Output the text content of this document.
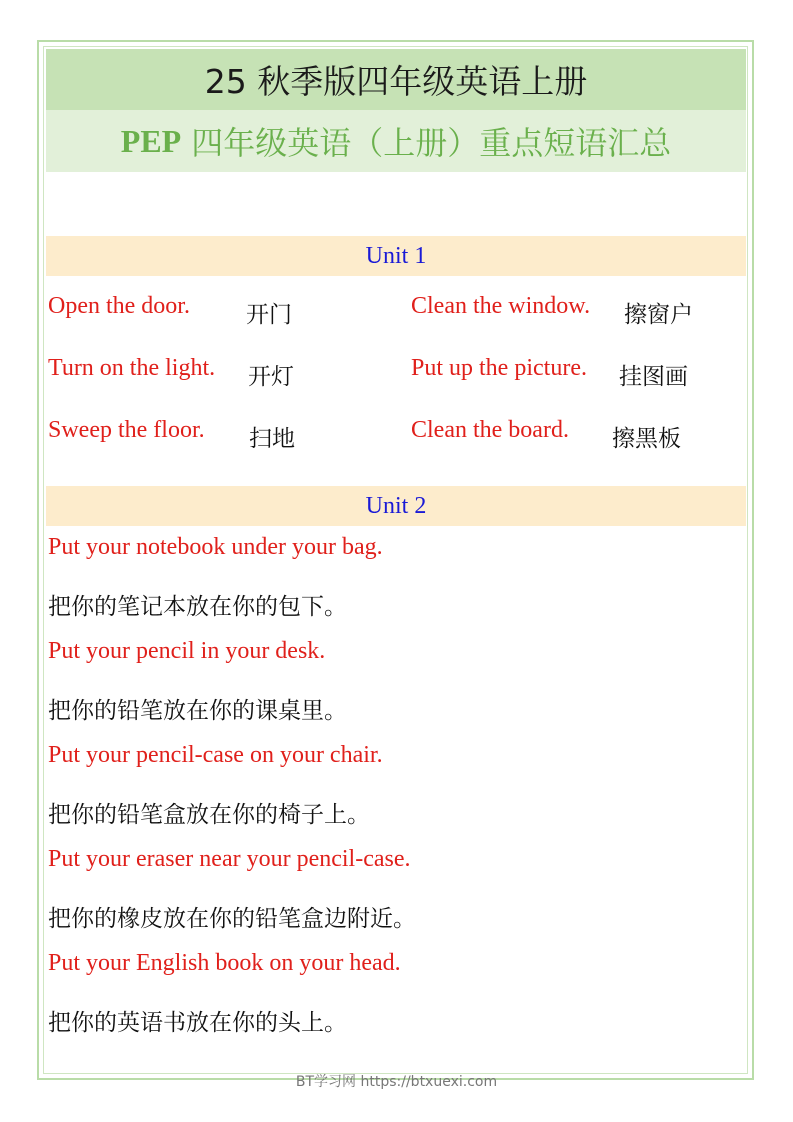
25 秋季版四年级英语上册
PEP 四年级英语（上册）重点短语汇总
Unit 1
Open the door. 开门	Clean the window. 擦窗户
Turn on the light. 开灯	Put up the picture. 挂图画
Sweep the floor. 扫地	Clean the board. 擦黑板
Unit 2
Put your notebook under your bag.
把你的笔记本放在你的包下。
Put your pencil in your desk.
把你的铅笔放在你的课桌里。
Put your pencil-case on your chair.
把你的铅笔盒放在你的椅子上。
Put your eraser near your pencil-case.
把你的橡皮放在你的铅笔盒边附近。
Put your English book on your head.
把你的英语书放在你的头上。
BT学习网 https://btxuexi.com
